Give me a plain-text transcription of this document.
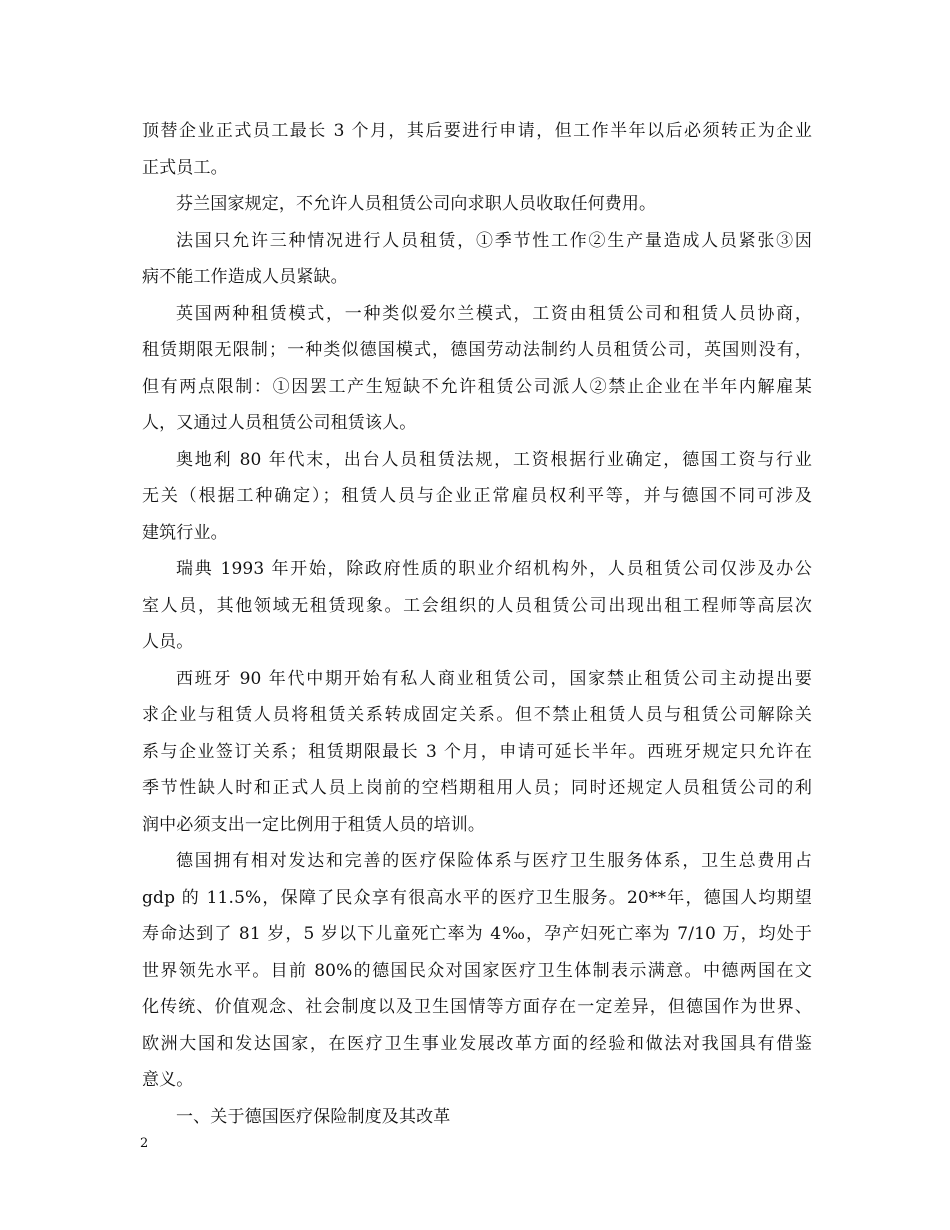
顶替企业正式员工最长 3 个月，其后要进行申请，但工作半年以后必须转正为企业
正式员工。
芬兰国家规定，不允许人员租赁公司向求职人员收取任何费用。
法国只允许三种情况进行人员租赁，①季节性工作②生产量造成人员紧张③因
病不能工作造成人员紧缺。
英国两种租赁模式，一种类似爱尔兰模式，工资由租赁公司和租赁人员协商，
租赁期限无限制；一种类似德国模式，德国劳动法制约人员租赁公司，英国则没有，
但有两点限制：①因罢工产生短缺不允许租赁公司派人②禁止企业在半年内解雇某
人，又通过人员租赁公司租赁该人。
奥地利 80 年代末，出台人员租赁法规，工资根据行业确定，德国工资与行业
无关（根据工种确定）；租赁人员与企业正常雇员权利平等，并与德国不同可涉及
建筑行业。
瑞典 1993 年开始，除政府性质的职业介绍机构外，人员租赁公司仅涉及办公
室人员，其他领域无租赁现象。工会组织的人员租赁公司出现出租工程师等高层次
人员。
西班牙 90 年代中期开始有私人商业租赁公司，国家禁止租赁公司主动提出要
求企业与租赁人员将租赁关系转成固定关系。但不禁止租赁人员与租赁公司解除关
系与企业签订关系；租赁期限最长 3 个月，申请可延长半年。西班牙规定只允许在
季节性缺人时和正式人员上岗前的空档期租用人员；同时还规定人员租赁公司的利
润中必须支出一定比例用于租赁人员的培训。
德国拥有相对发达和完善的医疗保险体系与医疗卫生服务体系，卫生总费用占
gdp 的 11.5%，保障了民众享有很高水平的医疗卫生服务。20**年，德国人均期望
寿命达到了 81 岁，5 岁以下儿童死亡率为 4‰，孕产妇死亡率为 7/10 万，均处于
世界领先水平。目前 80%的德国民众对国家医疗卫生体制表示满意。中德两国在文
化传统、价值观念、社会制度以及卫生国情等方面存在一定差异，但德国作为世界、
欧洲大国和发达国家，在医疗卫生事业发展改革方面的经验和做法对我国具有借鉴
意义。
一、关于德国医疗保险制度及其改革
2
